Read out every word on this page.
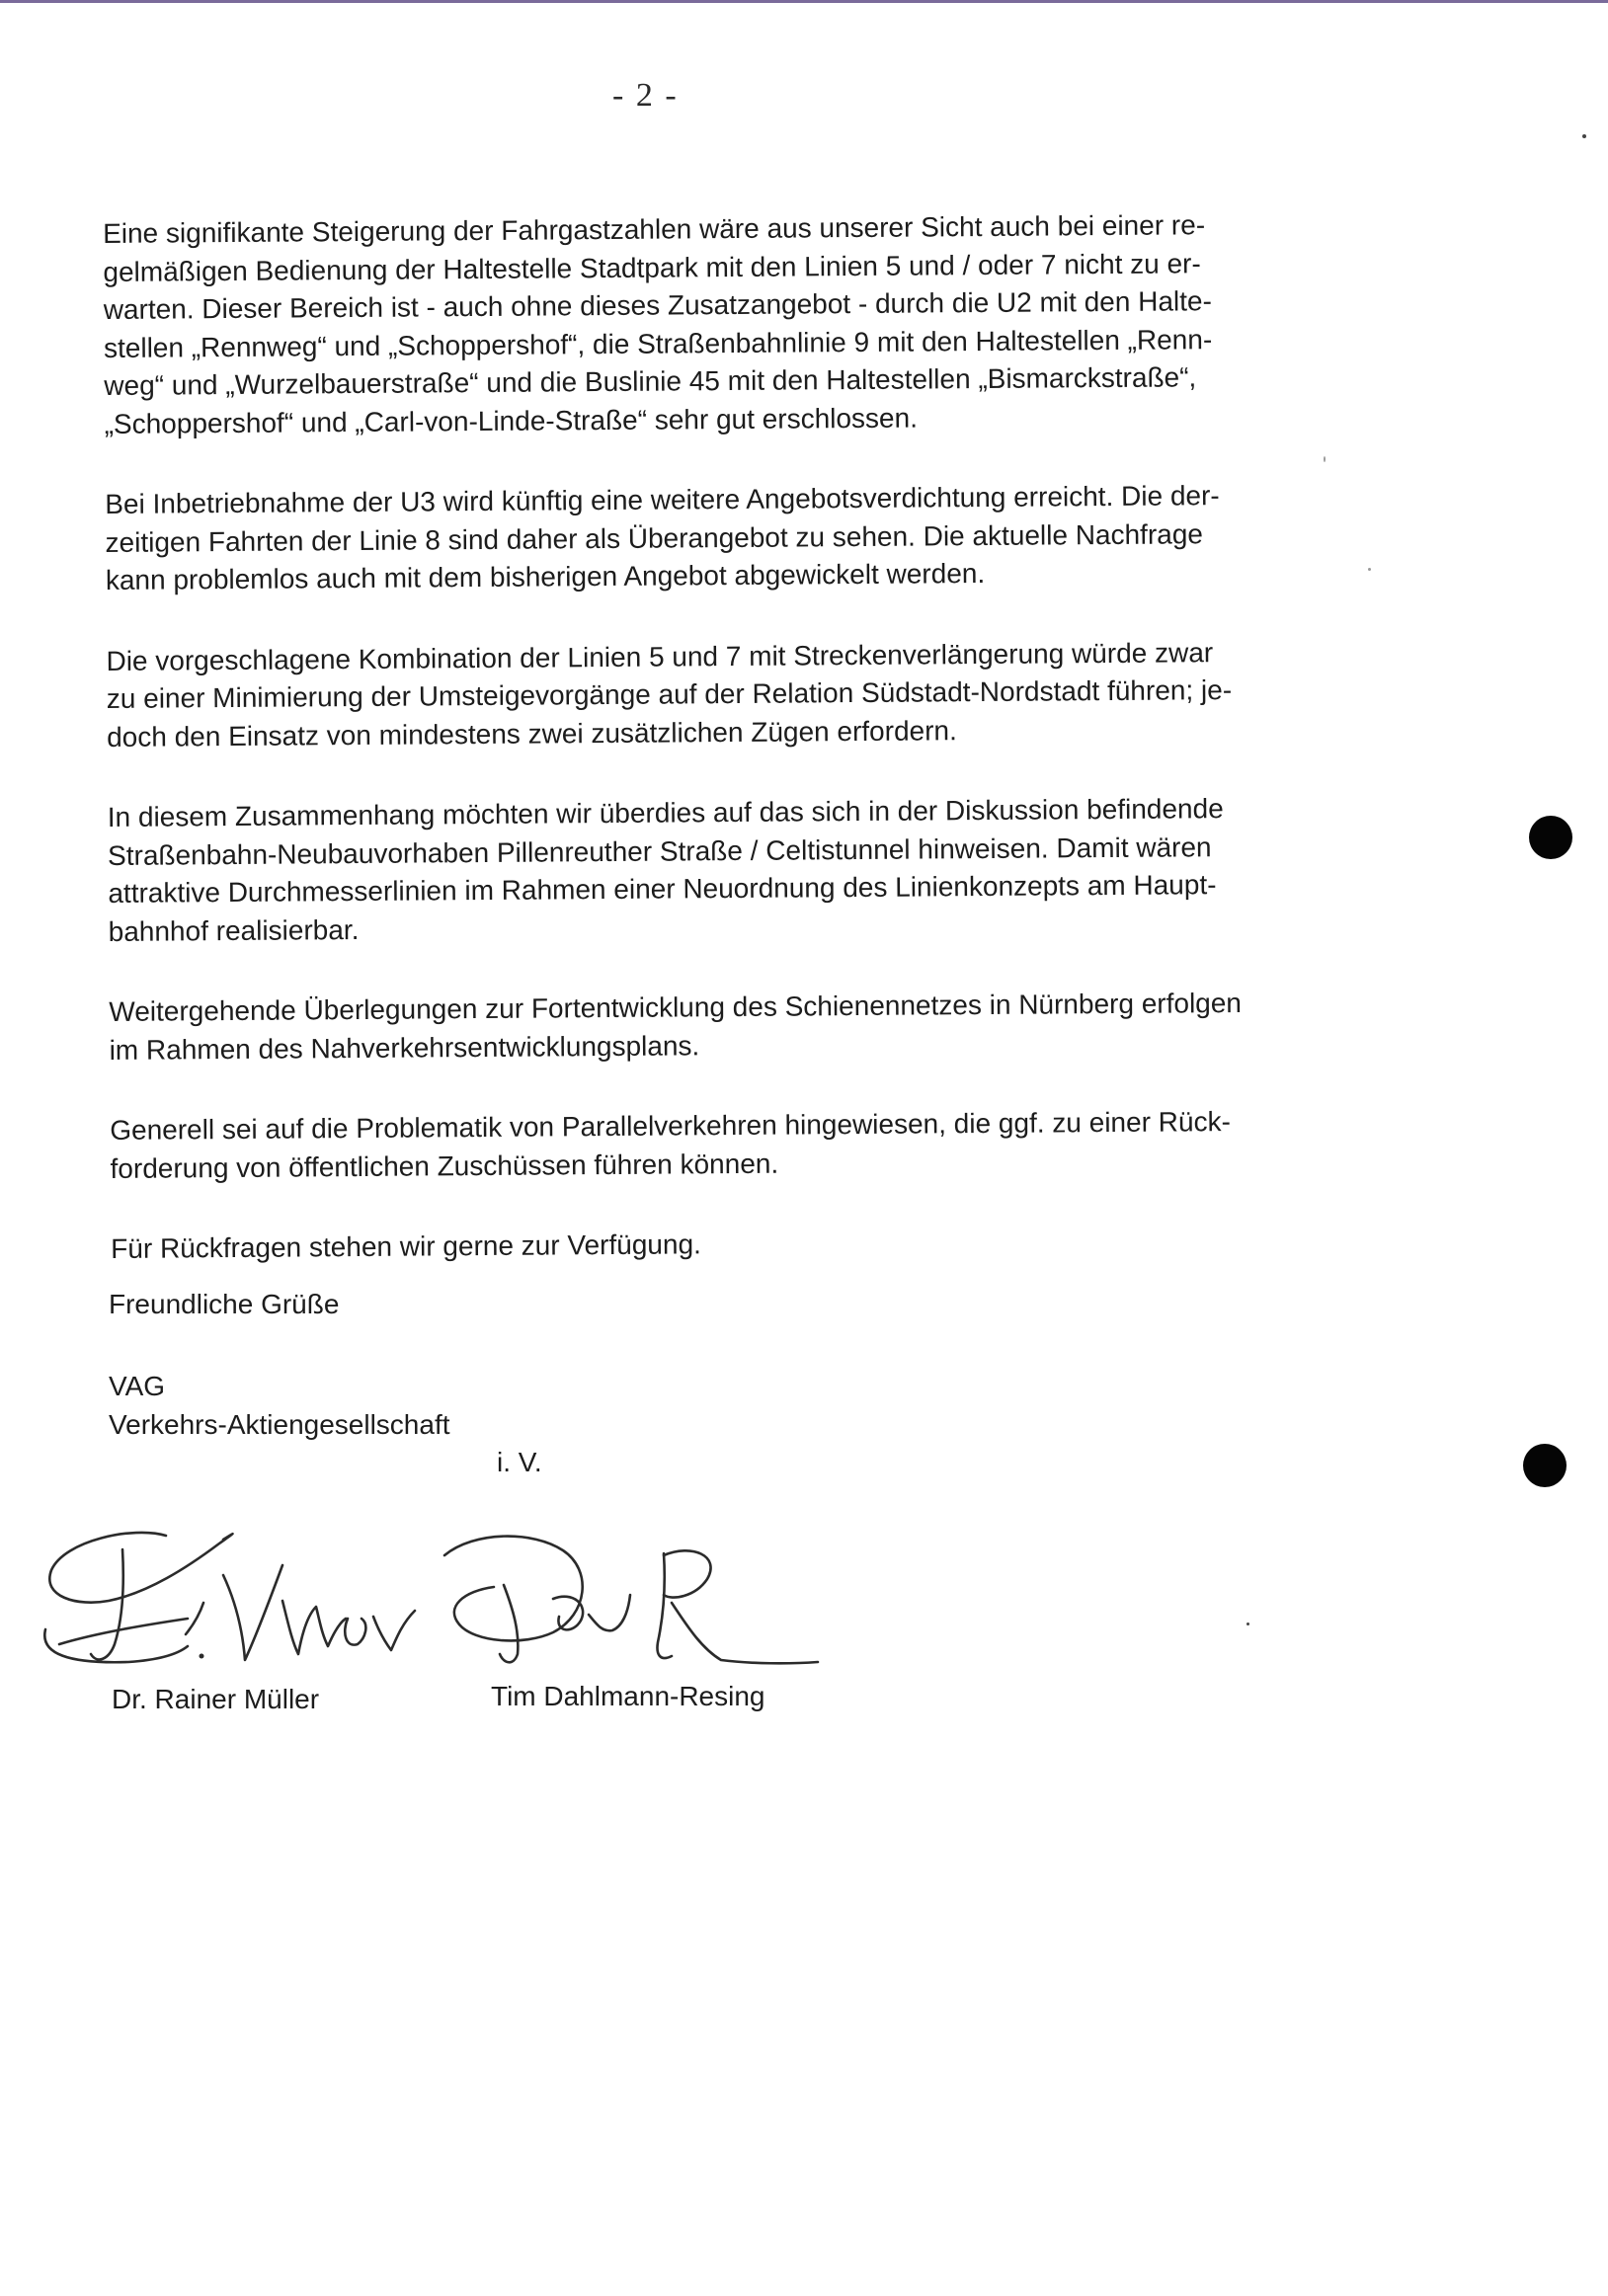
- 2 -

Eine signifikante Steigerung der Fahrgastzahlen wäre aus unserer Sicht auch bei einer re-
gelmäßigen Bedienung der Haltestelle Stadtpark mit den Linien 5 und / oder 7 nicht zu er-
warten. Dieser Bereich ist - auch ohne dieses Zusatzangebot - durch die U2 mit den Halte-
stellen „Rennweg“ und „Schoppershof“, die Straßenbahnlinie 9 mit den Haltestellen „Renn-
weg“ und „Wurzelbauerstraße“ und die Buslinie 45 mit den Haltestellen „Bismarckstraße“,
„Schoppershof“ und „Carl-von-Linde-Straße“ sehr gut erschlossen.

Bei Inbetriebnahme der U3 wird künftig eine weitere Angebotsverdichtung erreicht. Die der-
zeitigen Fahrten der Linie 8 sind daher als Überangebot zu sehen. Die aktuelle Nachfrage
kann problemlos auch mit dem bisherigen Angebot abgewickelt werden.

Die vorgeschlagene Kombination der Linien 5 und 7 mit Streckenverlängerung würde zwar
zu einer Minimierung der Umsteigevorgänge auf der Relation Südstadt-Nordstadt führen; je-
doch den Einsatz von mindestens zwei zusätzlichen Zügen erfordern.

In diesem Zusammenhang möchten wir überdies auf das sich in der Diskussion befindende
Straßenbahn-Neubauvorhaben Pillenreuther Straße / Celtistunnel hinweisen. Damit wären
attraktive Durchmesserlinien im Rahmen einer Neuordnung des Linienkonzepts am Haupt-
bahnhof realisierbar.

Weitergehende Überlegungen zur Fortentwicklung des Schienennetzes in Nürnberg erfolgen
im Rahmen des Nahverkehrsentwicklungsplans.

Generell sei auf die Problematik von Parallelverkehren hingewiesen, die ggf. zu einer Rück-
forderung von öffentlichen Zuschüssen führen können.

Für Rückfragen stehen wir gerne zur Verfügung.

Freundliche Grüße
VAG
Verkehrs-Aktiengesellschaft
i. V.
Dr. Rainer Müller	Tim Dahlmann-Resing
